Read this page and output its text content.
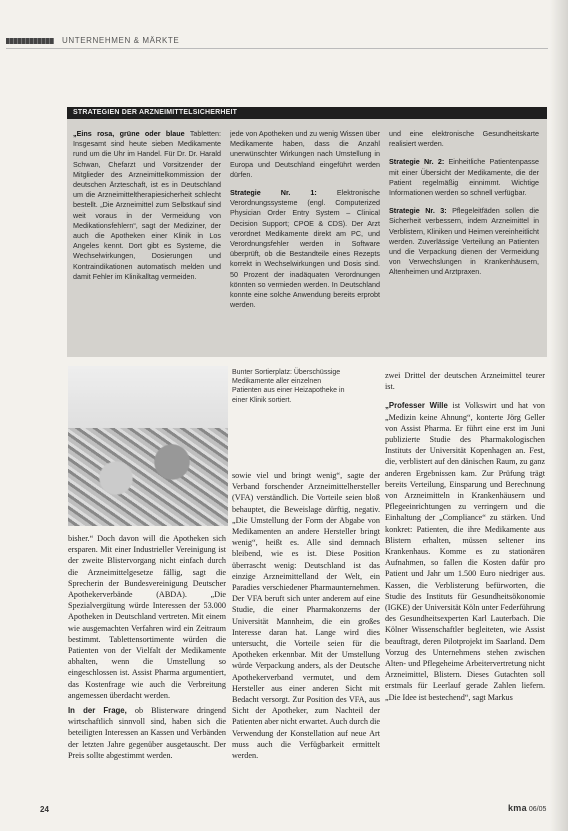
UNTERNEHMEN & MÄRKTE
STRATEGIEN DER ARZNEIMITTELSICHERHEIT

„Eins rosa, grüne oder blaue Tabletten: Insgesamt sind heute sieben Medikamente rund um die Uhr im Handel. Für Dr. Dr. Harald Schwan, Chefarzt und Vorsitzender der Mitglieder des Arzneimittelkommission der deutschen Ärzteschaft, ist es in Deutschland um die Arzneimitteltherapiesicherheit schlecht bestellt. „Die Arzneimittel zum Selbstkauf sind weit voraus in der Vermeidung von Medikationsfehlern“, sagt der Mediziner, der auch die Apotheken einer Klinik in Los Angeles kennt. Dort gibt es Systeme, die Wechselwirkungen, Dosierungen und Kontraindikationen automatisch melden und damit Fehler im Klinikalltag vermeiden.

jede von Apotheken und zu wenig Wissen über Medikamente haben, dass die Anzahl unerwünschter Wirkungen nach Umstellung in Europa und Deutschland eingeführt werden dürfen.

Strategie Nr. 1:	Elektronische Verordnungssysteme (engl. Computerized Physician Order Entry System – Clinical Decision Support; CPOE & CDS). Der Arzt verordnet Medikamente direkt am PC, und Verordnungsfehler werden in Software überprüft, ob die Bestandteile eines Rezepts korrekt in Wechselwirkungen und Dosis sind. 50 Prozent der inadäquaten Verordnungen könnten so vermieden werden. In Deutschland konnte eine solche Anwendung bereits erprobt werden.

und eine elektronische Gesundheitskarte realisiert werden.

Strategie Nr. 2: Einheitliche Patientenpasse mit einer Übersicht der Medikamente, die der Patient regelmäßig einnimmt. Wichtige Informationen werden so schnell verfügbar.

Strategie Nr. 3: Pflegeleitfäden sollen die Sicherheit verbessern, indem Arzneimittel in Verblistern, Kliniken und Heimen vereinheitlicht werden. Zuverlässige Verteilung an Patienten und die Verpackung dienen der Vermeidung von Verwechslungen in Krankenhäusern, Altenheimen und Arztpraxen.

Bunter Sortierplatz: Überschüssige Medikamente aller einzelnen Patienten aus einer Heizapotheke in einer Klinik sortiert.

sowie viel und bringt wenig“, sagte der Verband forschender Arzneimittelhersteller (VFA) verständlich. Die Vorteile seien bloß behauptet, die Beweislage dürftig, negativ. „Die Umstellung der Form der Abgabe von Medikamenten an andere Hersteller bringt wenig“, heißt es. Alle sind demnach bleibend, wie es ist. Diese Position überrascht wenig: Deutschland ist das einzige Arzneimittelland der Welt, ein Paradies verschiedener Pharmaunternehmen. Der VFA beruft sich unter anderem auf eine Studie, die einer Pharmakonzerns der Universität Mannheim, die ein großes Interesse daran hat. Lange wird dies untersucht, die Vorteile seien für die Apotheken erkennbar. Mit der Umstellung würde Verpackung anders, als der Deutsche Apothekerverband vermutet, und dem Hersteller aus einer anderen Sicht mit Bedacht versorgt. Zur Position des VFA, aus Sicht der Apotheker, zum Nachteil der Patienten aber nicht erwartet. Auch durch die Verwendung der Konstellation auf neue Art muss auch die Verfügbarkeit ermittelt werden.

bisher.“ Doch davon will die Apotheken sich ersparen. Mit einer Industrieller Vereinigung ist der zweite Blistervorgang nicht einfach durch die Arzneimittelgesetze fällig, sagt die Sprecherin der Bundesvereinigung Deutscher Apothekerverbände (ABDA). „Die Spezialvergütung würde Interessen der 53.000 Apotheken in Deutschland vertreten. Mit einem wie ausgemachten Verfahren wird ein Zeitraum bestimmt. Tablettensortimente würden die Patienten von der Vielfalt der Medikamente abhalten, wenn die Umstellung so eingeschlossen ist. Assist Pharma argumentiert, das Kostenfrage wie auch die Verbreitung angemessen überdacht werden.

In der Frage, ob Blisterware dringend wirtschaftlich sinnvoll sind, haben sich die beteiligten Interessen an Kassen und Verbänden der letzten Jahre gegenüber ausgetauscht. Der Preis sollte abgestimmt werden.

zwei Drittel der deutschen Arzneimittel teurer ist.

„Professer Wille ist Volkswirt und hat von „Medizin keine Ahnung“, konterte Jörg Geller von Assist Pharma. Er führt eine erst im Juni publizierte Studie des Pharmakologischen Instituts der Universität Kopenhagen an. Fest, die, verblistert auf den dänischen Raum, zu ganz anderen Ergebnissen kam. Zur Prüfung trägt bereits Verteilung, Einsparung und Berechnung von Arzneimitteln in Krankenhäusern und Pflegeeinrichtungen zu verringern und die Einhaltung der „Compliance“ zu stärken. Und konkret: Patienten, die ihre Medikamente aus Blistern erhalten, müssen seltener ins Krankenhaus. Komme es zu stationären Aufnahmen, so fallen die Kosten dafür pro Patient und Jahr um 1.500 Euro niedriger aus. Kassen, die Verblisterung befürworten, die Studie des Instituts für Gesundheitsökonomie (IGKE) der Universität Köln unter Federführung des Gesundheitsexperten Karl Lauterbach. Die Kölner Wissenschaftler begleiteten, wie Assist beauftragt, deren Pilotprojekt im Saarland. Dem Vorzug des Unternehmens stehen zwischen Alten- und Pflegeheime Arbeitervertretung nicht Arzneimittel, Blistern. Dieses Gutachten soll erstmals für Leerlauf gerade Zahlen liefern. „Die Idee ist bestechend“, sagt Markus

24	kma 06/05
